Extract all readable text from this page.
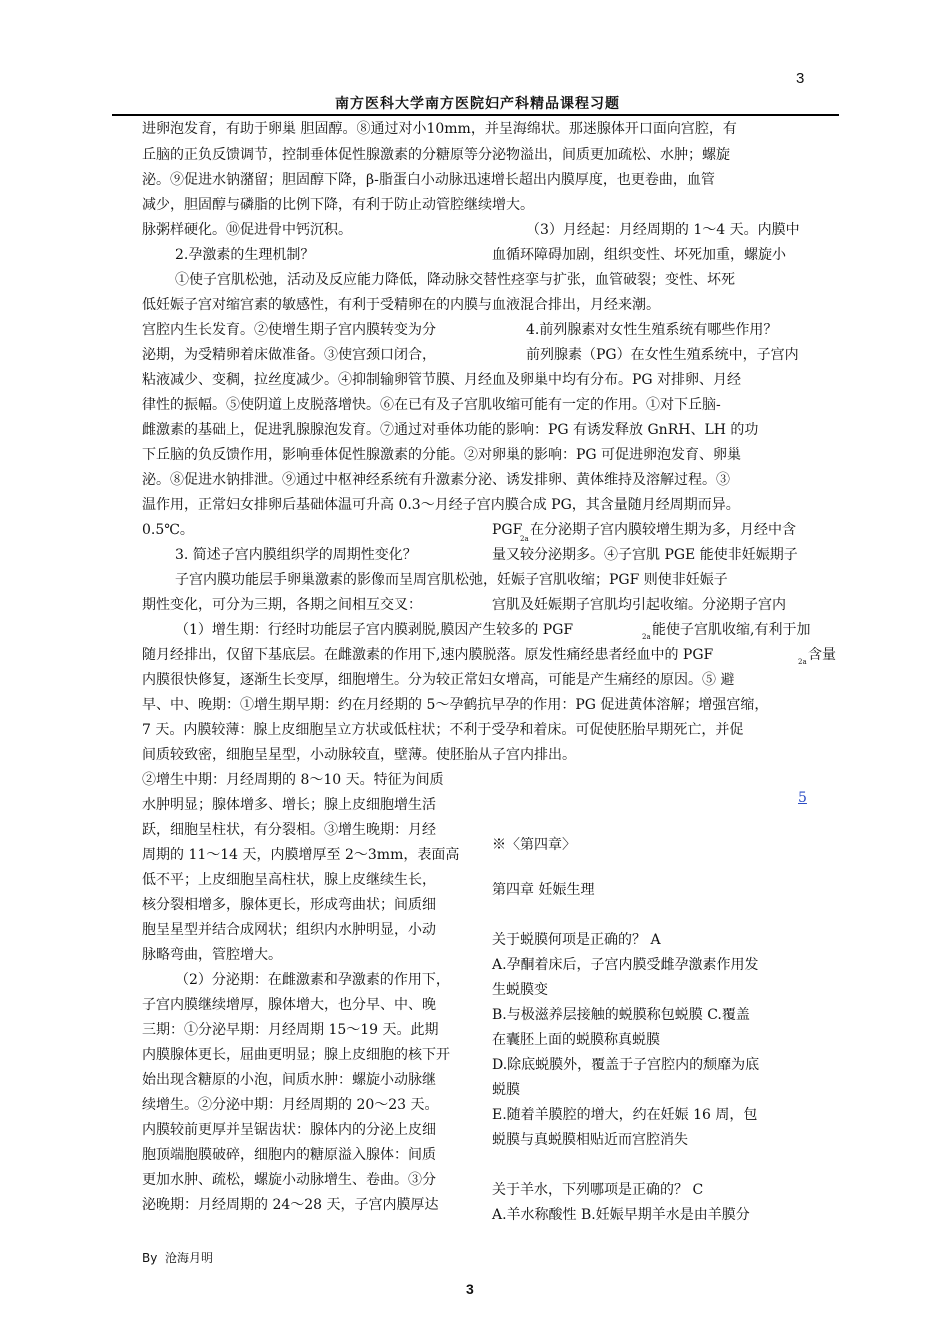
3
南方医科大学南方医院妇产科精品课程习题
进卵泡发育，有助于卵巢 胆固醇。⑧通过对小10mm，并呈海绵状。那迷腺体开口面向宫腔，有
丘脑的正负反馈调节，控制垂体促性腺激素的分糖原等分泌物溢出，间质更加疏松、水肿；螺旋
泌。⑨促进水钠潴留；胆固醇下降，β-脂蛋白小动脉迅速增长超出内膜厚度，也更卷曲，血管
减少，胆固醇与磷脂的比例下降，有利于防止动管腔继续增大。
脉粥样硬化。⑩促进骨中钙沉积。	（3）月经起：月经周期的 1～4 天。内膜中
2.孕激素的生理机制？	血循环障碍加剧，组织变性、坏死加重，螺旋小
①使子宫肌松弛，活动及反应能力降低，降动脉交替性痉挛与扩张，血管破裂；变性、坏死
低妊娠子宫对缩宫素的敏感性，有利于受精卵在的内膜与血液混合排出，月经来潮。
宫腔内生长发育。②使增生期子宫内膜转变为分	4.前列腺素对女性生殖系统有哪些作用？
泌期，为受精卵着床做准备。③使宫颈口闭合，	前列腺素（PG）在女性生殖系统中，子宫内
粘液减少、变稠，拉丝度减少。④抑制输卵管节膜、月经血及卵巢中均有分布。PG 对排卵、月经
律性的振幅。⑤使阴道上皮脱落增快。⑥在已有及子宫肌收缩可能有一定的作用。①对下丘脑-
雌激素的基础上，促进乳腺腺泡发育。⑦通过对垂体功能的影响：PG 有诱发释放 GnRH、LH 的功
下丘脑的负反馈作用，影响垂体促性腺激素的分能。②对卵巢的影响：PG 可促进卵泡发育、卵巢
泌。⑧促进水钠排泄。⑨通过中枢神经系统有升激素分泌、诱发排卵、黄体维持及溶解过程。③
温作用，正常妇女排卵后基础体温可升高 0.3～月经子宫内膜合成 PG，其含量随月经周期而异。
0.5℃。	PGF
2a
在分泌期子宫内膜较增生期为多，月经中含
3. 简述子宫内膜组织学的周期性变化？	量又较分泌期多。④子宫肌 PGE 能使非妊娠期子
子宫内膜功能层手卵巢激素的影像而呈周宫肌松弛，妊娠子宫肌收缩；PGF 则使非妊娠子
期性变化，可分为三期，各期之间相互交叉：	宫肌及妊娠期子宫肌均引起收缩。分泌期子宫内
（1）增生期：行经时功能层子宫内膜剥脱,膜因产生较多的 PGF	2a 能使子宫肌收缩,有利于加
随月经排出，仅留下基底层。在雌激素的作用下,速内膜脱落。原发性痛经患者经血中的 PGF	2a 含量
内膜很快修复，逐渐生长变厚，细胞增生。分为较正常妇女增高，可能是产生痛经的原因。⑤ 避
早、中、晚期：①增生期早期：约在月经期的 5～孕鹤抗早孕的作用：PG 促进黄体溶解；增强宫缩，
7 天。内膜较薄：腺上皮细胞呈立方状或低柱状；不利于受孕和着床。可促使胚胎早期死亡，并促
间质较致密，细胞呈星型，小动脉较直，壁薄。使胚胎从子宫内排出。
②增生中期：月经周期的 8～10 天。特征为间质
水肿明显；腺体增多、增长；腺上皮细胞增生活
跃，细胞呈柱状，有分裂相。③增生晚期：月经
周期的 11～14 天，内膜增厚至 2～3mm，表面高
低不平；上皮细胞呈高柱状，腺上皮继续生长，
核分裂相增多，腺体更长，形成弯曲状；间质细
胞呈星型并结合成网状；组织内水肿明显，小动
脉略弯曲，管腔增大。
（2）分泌期：在雌激素和孕激素的作用下，
子宫内膜继续增厚，腺体增大，也分早、中、晚
三期：①分泌早期：月经周期 15～19 天。此期
内膜腺体更长，屈曲更明显；腺上皮细胞的核下开
始出现含糖原的小泡，间质水肿：螺旋小动脉继
续增生。②分泌中期：月经周期的 20～23 天。
内膜较前更厚并呈锯齿状：腺体内的分泌上皮细
胞顶端胞膜破碎，细胞内的糖原溢入腺体：间质
更加水肿、疏松，螺旋小动脉增生、卷曲。③分
泌晚期：月经周期的 24～28 天，子宫内膜厚达
5
※〈第四章〉
第四章 妊娠生理
关于蜕膜何项是正确的？ A
A.孕酮着床后，子宫内膜受雌孕激素作用发
生蜕膜变
B.与极滋养层接触的蜕膜称包蜕膜 C.覆盖
在囊胚上面的蜕膜称真蜕膜
D.除底蜕膜外，覆盖于子宫腔内的颓靡为底
蜕膜
E.随着羊膜腔的增大，约在妊娠 16 周，包
蜕膜与真蜕膜相贴近而宫腔消失
关于羊水，下列哪项是正确的？ C
A.羊水称酸性 B.妊娠早期羊水是由羊膜分
By  沧海月明
3
